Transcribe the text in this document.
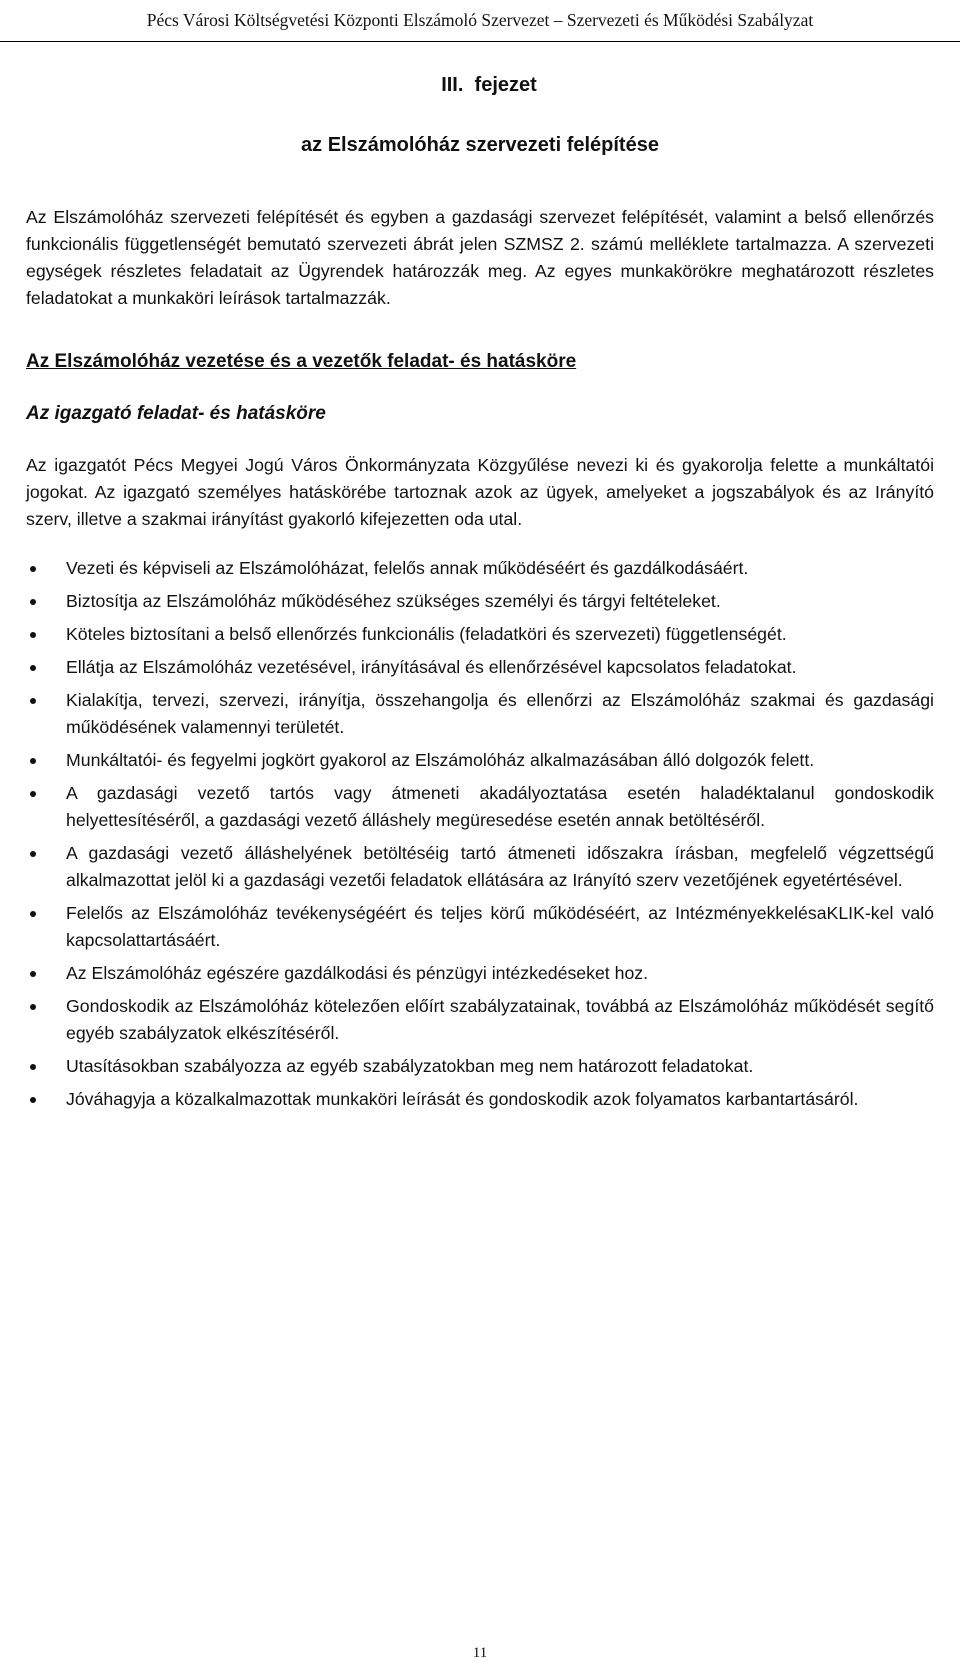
Pécs Városi Költségvetési Központi Elszámoló Szervezet – Szervezeti és Működési Szabályzat
III. fejezet
az Elszámolóház szervezeti felépítése

Az Elszámolóház szervezeti felépítését és egyben a gazdasági szervezet felépítését, valamint a belső ellenőrzés funkcionális függetlenségét bemutató szervezeti ábrát jelen SZMSZ 2. számú melléklete tartalmazza. A szervezeti egységek részletes feladatait az Ügyrendek határozzák meg. Az egyes munkakörökre meghatározott részletes feladatokat a munkaköri leírások tartalmazzák.

Az Elszámolóház vezetése és a vezetők feladat- és hatásköre
Az igazgató feladat- és hatásköre

Az igazgatót Pécs Megyei Jogú Város Önkormányzata Közgyűlése nevezi ki és gyakorolja felette a munkáltatói jogokat. Az igazgató személyes hatáskörébe tartoznak azok az ügyek, amelyeket a jogszabályok és az Irányító szerv, illetve a szakmai irányítást gyakorló kifejezetten oda utal.

Vezeti és képviseli az Elszámolóházat, felelős annak működéséért és gazdálkodásáért.
Biztosítja az Elszámolóház működéséhez szükséges személyi és tárgyi feltételeket.
Köteles biztosítani a belső ellenőrzés funkcionális (feladatköri és szervezeti) függetlenségét.
Ellátja az Elszámolóház vezetésével, irányításával és ellenőrzésével kapcsolatos feladatokat.
Kialakítja, tervezi, szervezi, irányítja, összehangolja és ellenőrzi az Elszámolóház szakmai és gazdasági működésének valamennyi területét.
Munkáltatói- és fegyelmi jogkört gyakorol az Elszámolóház alkalmazásában álló dolgozók felett.
A gazdasági vezető tartós vagy átmeneti akadályoztatása esetén haladéktalanul gondoskodik helyettesítéséről, a gazdasági vezető álláshely megüresedése esetén annak betöltéséről.
A gazdasági vezető álláshelyének betöltéséig tartó átmeneti időszakra írásban, megfelelő végzettségű alkalmazottat jelöl ki a gazdasági vezetői feladatok ellátására az Irányító szerv vezetőjének egyetértésével.
Felelős az Elszámolóház tevékenységéért és teljes körű működéséért, az IntézményekkelésaKLIK-kel való kapcsolattartásáért.
Az Elszámolóház egészére gazdálkodási és pénzügyi intézkedéseket hoz.
Gondoskodik az Elszámolóház kötelezően előírt szabályzatainak, továbbá az Elszámolóház működését segítő egyéb szabályzatok elkészítéséről.
Utasításokban szabályozza az egyéb szabályzatokban meg nem határozott feladatokat.
Jóváhagyja a közalkalmazottak munkaköri leírását és gondoskodik azok folyamatos karbantartásáról.
11
